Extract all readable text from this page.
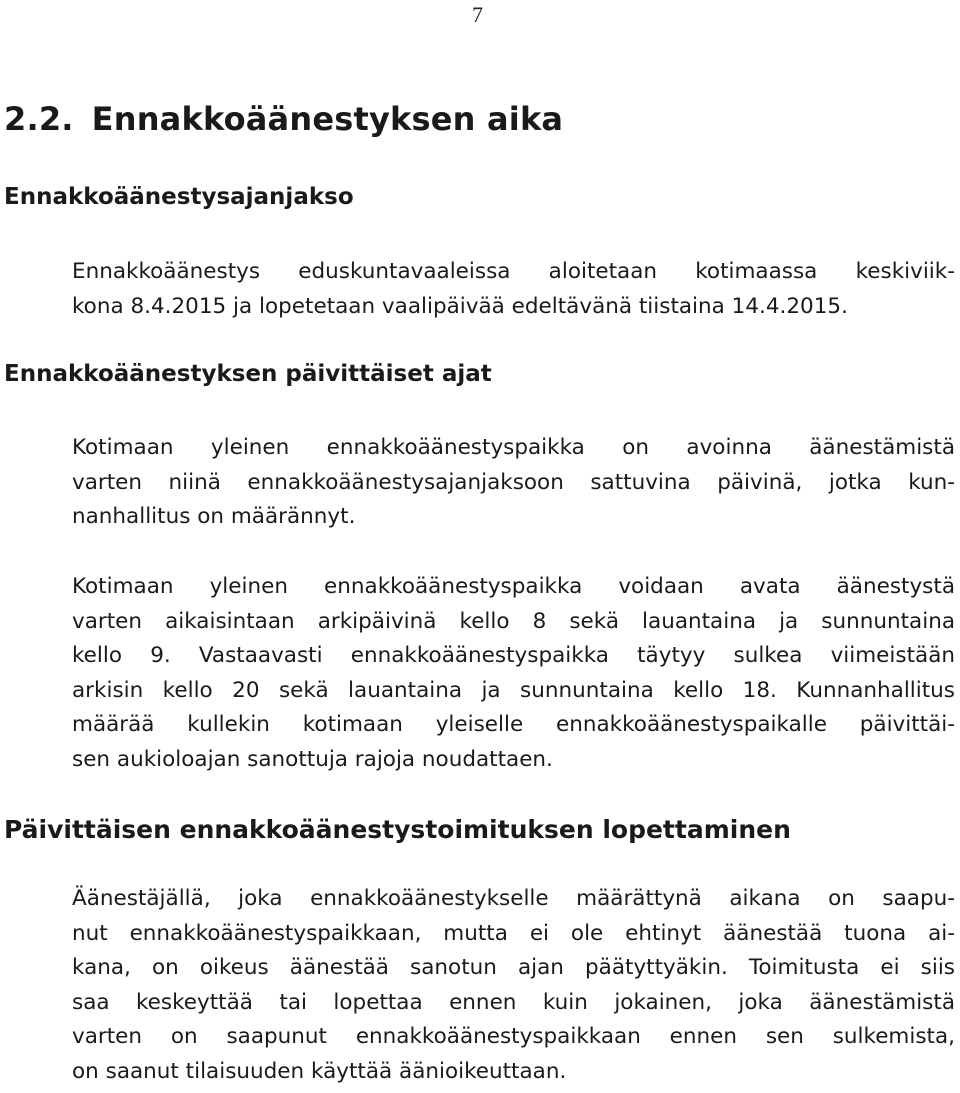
7
2.2. Ennakkoäänestyksen aika
Ennakkoäänestysajanjakso

Ennakkoäänestys eduskuntavaaleissa aloitetaan kotimaassa keskiviik-
kona 8.4.2015 ja lopetetaan vaalipäivää edeltävänä tiistaina 14.4.2015.

Ennakkoäänestyksen päivittäiset ajat

Kotimaan yleinen ennakkoäänestyspaikka on avoinna äänestämistä
varten niinä ennakkoäänestysajanjaksoon sattuvina päivinä, jotka kun-
nanhallitus on määrännyt.

Kotimaan yleinen ennakkoäänestyspaikka voidaan avata äänestystä
varten aikaisintaan arkipäivinä kello 8 sekä lauantaina ja sunnuntaina
kello 9. Vastaavasti ennakkoäänestyspaikka täytyy sulkea viimeistään
arkisin kello 20 sekä lauantaina ja sunnuntaina kello 18. Kunnanhallitus
määrää kullekin kotimaan yleiselle ennakkoäänestyspaikalle päivittäi-
sen aukioloajan sanottuja rajoja noudattaen.

Päivittäisen ennakkoäänestystoimituksen lopettaminen

Äänestäjällä, joka ennakkoäänestykselle määrättynä aikana on saapu-
nut ennakkoäänestyspaikkaan, mutta ei ole ehtinyt äänestää tuona ai-
kana, on oikeus äänestää sanotun ajan päätyttyäkin. Toimitusta ei siis
saa keskeyttää tai lopettaa ennen kuin jokainen, joka äänestämistä
varten on saapunut ennakkoäänestyspaikkaan ennen sen sulkemista,
on saanut tilaisuuden käyttää äänioikeuttaan.
